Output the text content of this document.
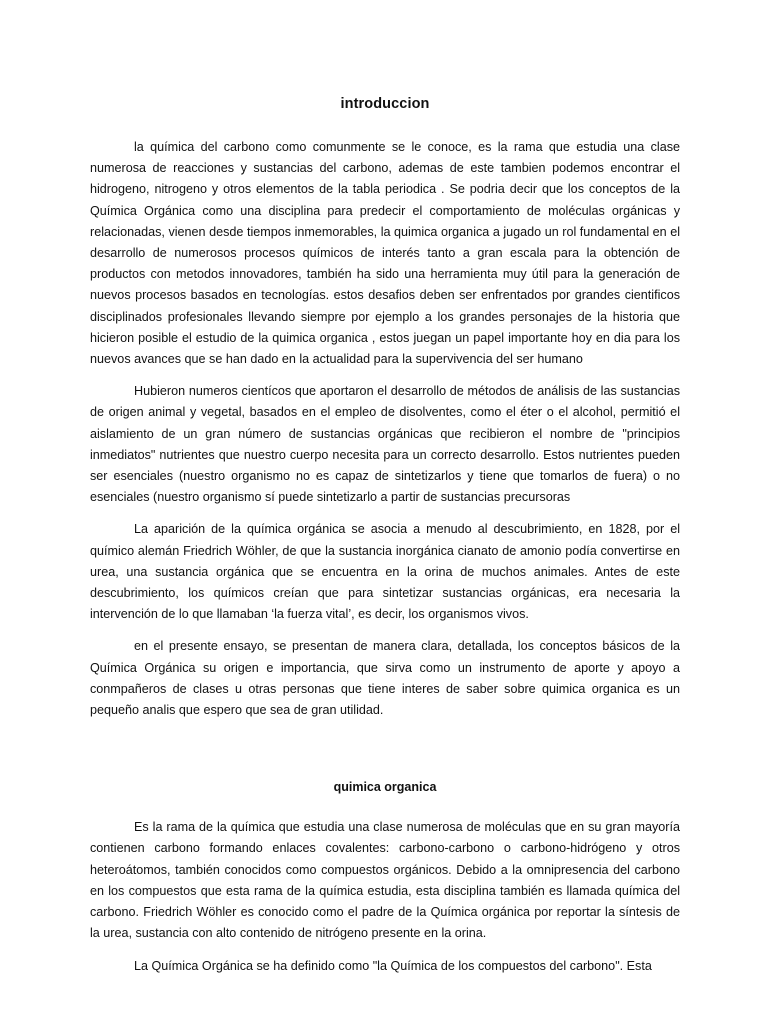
introduccion

la química del carbono como comunmente se le conoce, es la rama que estudia una clase numerosa de reacciones y sustancias del carbono, ademas de este tambien podemos encontrar el hidrogeno, nitrogeno y otros elementos de la tabla periodica . Se podria decir que los conceptos de la Química Orgánica como una disciplina para predecir el comportamiento de moléculas orgánicas y relacionadas, vienen desde tiempos inmemorables, la quimica organica a jugado un rol fundamental en el desarrollo de numerosos procesos químicos de interés tanto a gran escala para la obtención de productos con metodos innovadores, también ha sido una herramienta muy útil para la generación de nuevos procesos basados en tecnologías. estos desafios deben ser enfrentados por grandes cientificos disciplinados profesionales llevando siempre por ejemplo a los grandes personajes de la historia que hicieron posible el estudio de la quimica organica , estos juegan un papel importante hoy en dia para los nuevos avances que se han dado en la actualidad para la supervivencia del ser humano

Hubieron numeros cientícos que aportaron el desarrollo de métodos de análisis de las sustancias de origen animal y vegetal, basados en el empleo de disolventes, como el éter o el alcohol, permitió el aislamiento de un gran número de sustancias orgánicas que recibieron el nombre de "principios inmediatos" nutrientes que nuestro cuerpo necesita para un correcto desarrollo. Estos nutrientes pueden ser esenciales (nuestro organismo no es capaz de sintetizarlos y tiene que tomarlos de fuera) o no esenciales (nuestro organismo sí puede sintetizarlo a partir de sustancias precursoras

La aparición de la química orgánica se asocia a menudo al descubrimiento, en 1828, por el químico alemán Friedrich Wöhler, de que la sustancia inorgánica cianato de amonio podía convertirse en urea, una sustancia orgánica que se encuentra en la orina de muchos animales. Antes de este descubrimiento, los químicos creían que para sintetizar sustancias orgánicas, era necesaria la intervención de lo que llamaban ‘la fuerza vital’, es decir, los organismos vivos.

en el presente ensayo, se presentan de manera clara, detallada, los conceptos básicos de la Química Orgánica su origen e importancia, que sirva como un instrumento de aporte y apoyo a conmpañeros de clases u otras personas que tiene interes de saber sobre quimica organica es un pequeño analis que espero que sea de gran utilidad.

quimica organica

Es la rama de la química que estudia una clase numerosa de moléculas que en su gran mayoría contienen carbono formando enlaces covalentes: carbono-carbono o carbono-hidrógeno y otros heteroátomos, también conocidos como compuestos orgánicos. Debido a la omnipresencia del carbono en los compuestos que esta rama de la química estudia, esta disciplina también es llamada química del carbono. Friedrich Wöhler es conocido como el padre de la Química orgánica por reportar la síntesis de la urea, sustancia con alto contenido de nitrógeno presente en la orina.

La Química Orgánica se ha definido como "la Química de los compuestos del carbono". Esta
